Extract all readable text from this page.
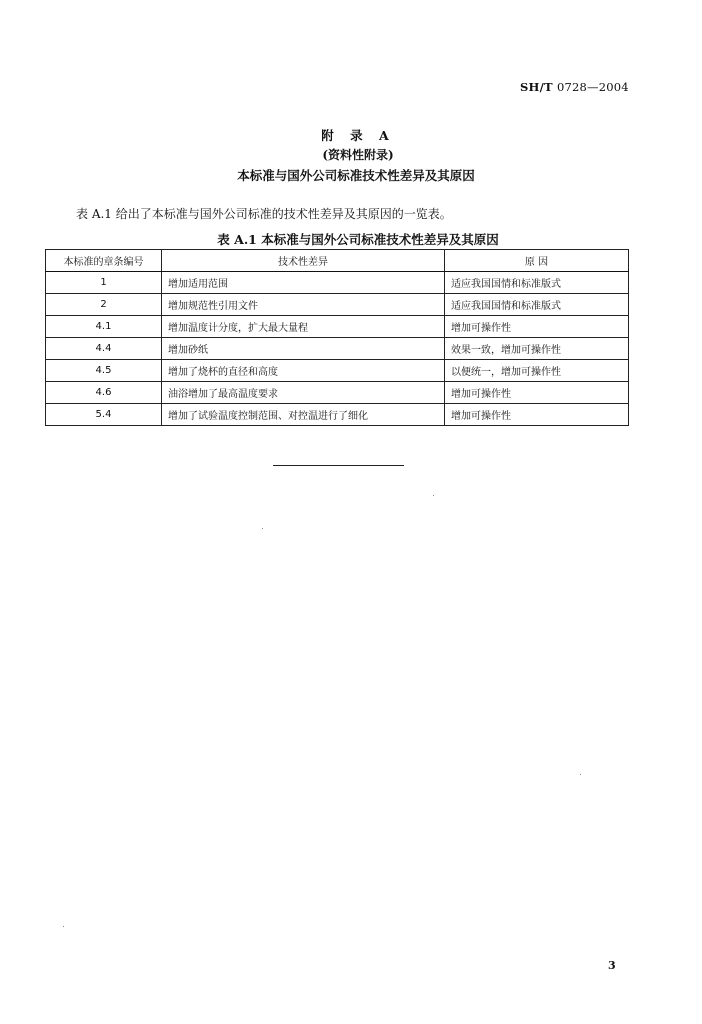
SH/T 0728—2004
附 录 A
(资料性附录)
本标准与国外公司标准技术性差异及其原因
表 A.1 给出了本标准与国外公司标准的技术性差异及其原因的一览表。
表 A.1 本标准与国外公司标准技术性差异及其原因
本标准的章条编号	技术性差异	原 因
1	增加适用范围	适应我国国情和标准版式
2	增加规范性引用文件	适应我国国情和标准版式
4.1	增加温度计分度，扩大最大量程	增加可操作性
4.4	增加砂纸	效果一致，增加可操作性
4.5	增加了烧杯的直径和高度	以便统一，增加可操作性
4.6	油浴增加了最高温度要求	增加可操作性
5.4	增加了试验温度控制范围、对控温进行了细化	增加可操作性
3
